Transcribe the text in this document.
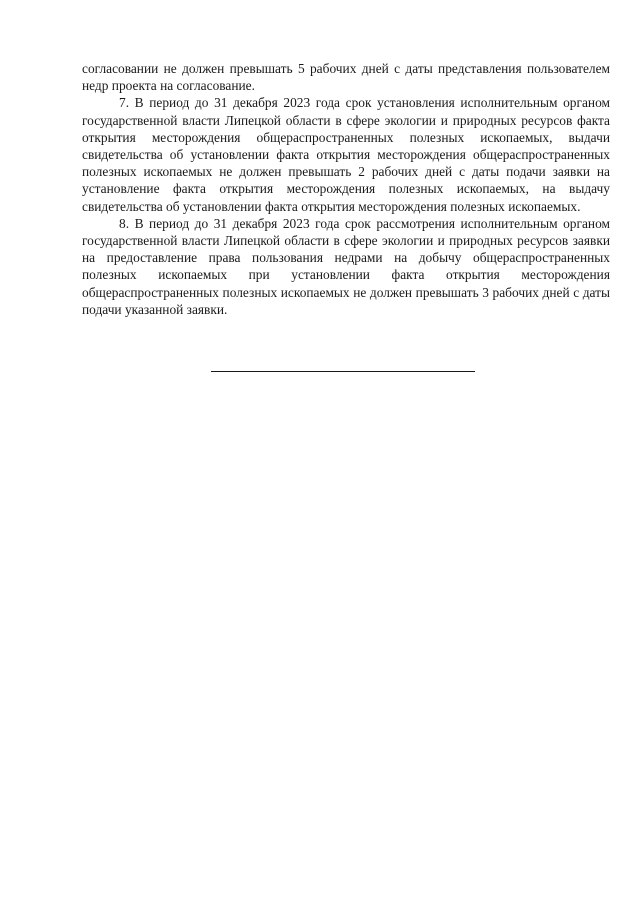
согласовании не должен превышать 5 рабочих дней с даты представления пользователем недр проекта на согласование.

7. В период до 31 декабря 2023 года срок установления исполнительным органом государственной власти Липецкой области в сфере экологии и природных ресурсов факта открытия месторождения общераспространенных полезных ископаемых, выдачи свидетельства об установлении факта открытия месторождения общераспространенных полезных ископаемых не должен превышать 2 рабочих дней с даты подачи заявки на установление факта открытия месторождения полезных ископаемых, на выдачу свидетельства об установлении факта открытия месторождения полезных ископаемых.

8. В период до 31 декабря 2023 года срок рассмотрения исполнительным органом государственной власти Липецкой области в сфере экологии и природных ресурсов заявки на предоставление права пользования недрами на добычу общераспространенных полезных ископаемых при установлении факта открытия месторождения общераспространенных полезных ископаемых не должен превышать 3 рабочих дней с даты подачи указанной заявки.
